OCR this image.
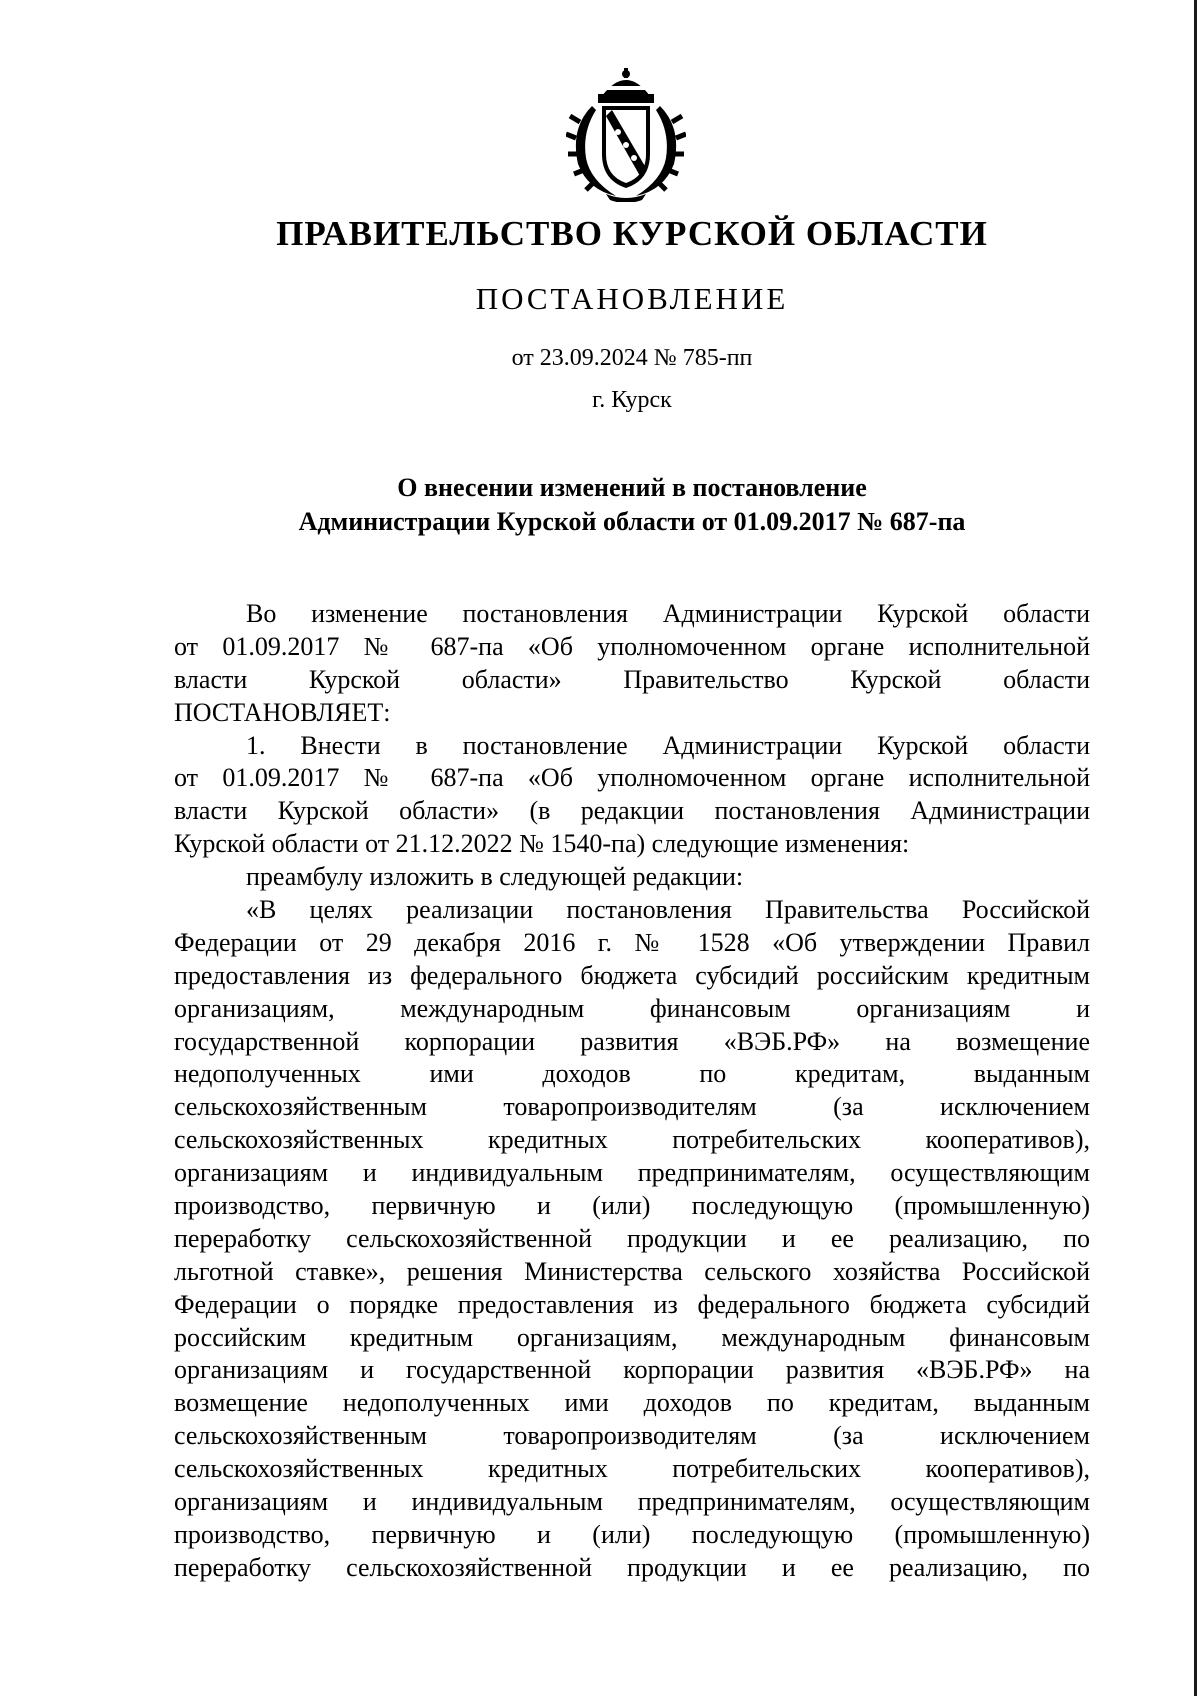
ПРАВИТЕЛЬСТВО КУРСКОЙ ОБЛАСТИ
ПОСТАНОВЛЕНИЕ
от 23.09.2024 № 785-пп
г. Курск
О внесении изменений в постановление
Администрации Курской области от 01.09.2017 № 687-па
Во изменение постановления Администрации Курской области
от 01.09.2017 № 687-па «Об уполномоченном органе исполнительной
власти Курской области» Правительство Курской области
ПОСТАНОВЛЯЕТ:
1. Внести в постановление Администрации Курской области
от 01.09.2017 № 687-па «Об уполномоченном органе исполнительной
власти Курской области» (в редакции постановления Администрации
Курской области от 21.12.2022 № 1540-па) следующие изменения:
преамбулу изложить в следующей редакции:
«В целях реализации постановления Правительства Российской
Федерации от 29 декабря 2016 г. № 1528 «Об утверждении Правил
предоставления из федерального бюджета субсидий российским кредитным
организациям, международным финансовым организациям и
государственной корпорации развития «ВЭБ.РФ» на возмещение
недополученных ими доходов по кредитам, выданным
сельскохозяйственным товаропроизводителям (за исключением
сельскохозяйственных кредитных потребительских кооперативов),
организациям и индивидуальным предпринимателям, осуществляющим
производство, первичную и (или) последующую (промышленную)
переработку сельскохозяйственной продукции и ее реализацию, по
льготной ставке», решения Министерства сельского хозяйства Российской
Федерации о порядке предоставления из федерального бюджета субсидий
российским кредитным организациям, международным финансовым
организациям и государственной корпорации развития «ВЭБ.РФ» на
возмещение недополученных ими доходов по кредитам, выданным
сельскохозяйственным товаропроизводителям (за исключением
сельскохозяйственных кредитных потребительских кооперативов),
организациям и индивидуальным предпринимателям, осуществляющим
производство, первичную и (или) последующую (промышленную)
переработку сельскохозяйственной продукции и ее реализацию, по
